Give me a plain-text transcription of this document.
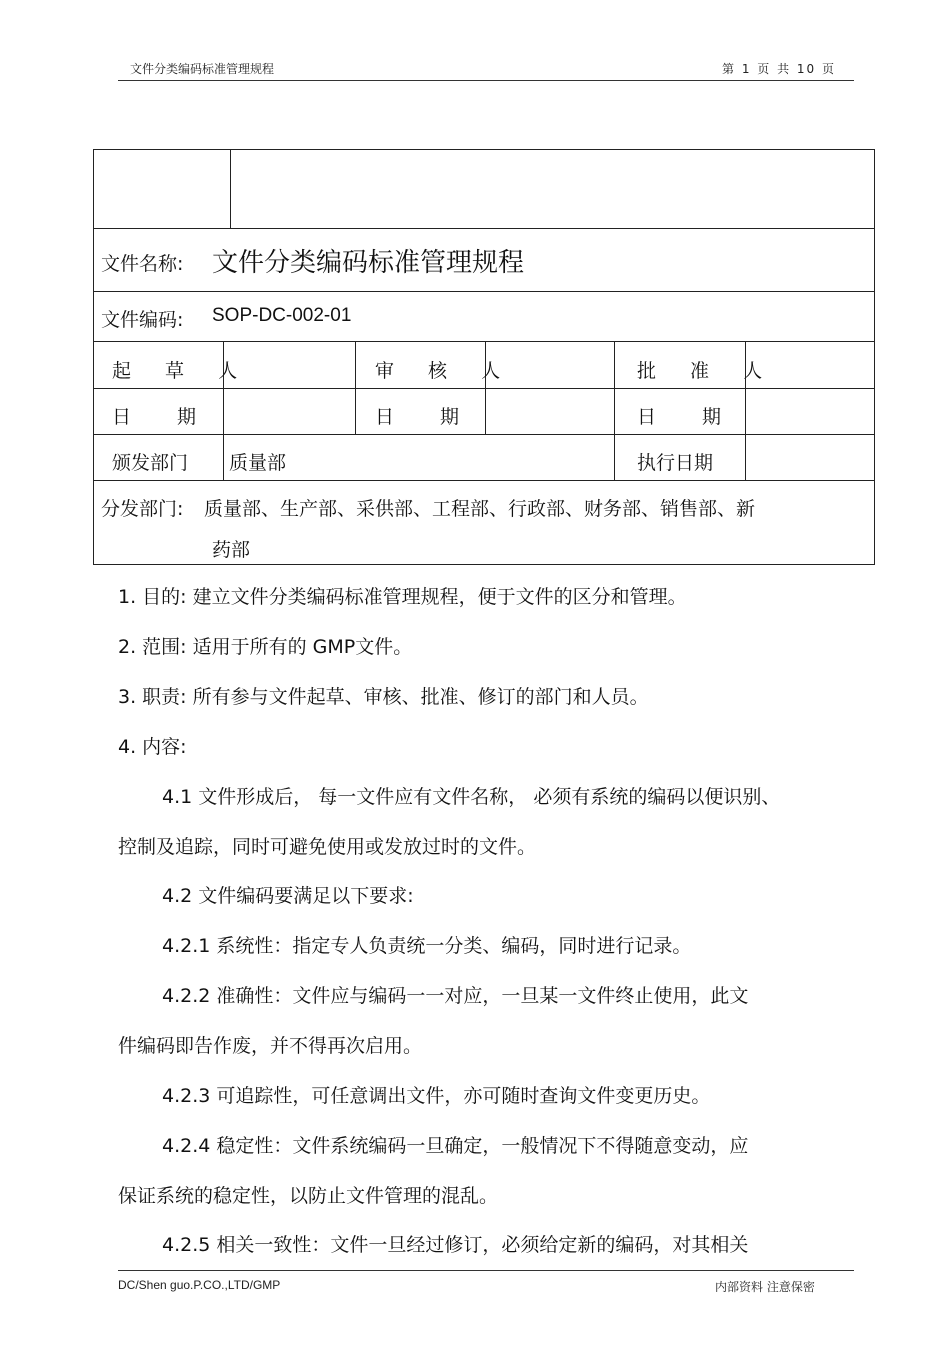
文件分类编码标准管理规程	第 1 页 共 10 页
文件名称: 文件分类编码标准管理规程
文件编码: SOP-DC-002-01
起 草 人	审 核 人	批 准 人
日 期	日 期	日 期
颁发部门 质量部	执行日期
分发部门: 质量部、生产部、采供部、工程部、行政部、财务部、销售部、新
药部
1. 目的: 建立文件分类编码标准管理规程，便于文件的区分和管理。
2. 范围: 适用于所有的 GMP文件。
3. 职责: 所有参与文件起草、审核、批准、修订的部门和人员。
4. 内容:
4.1 文件形成后， 每一文件应有文件名称， 必须有系统的编码以便识别、
控制及追踪，同时可避免使用或发放过时的文件。
4.2 文件编码要满足以下要求:
4.2.1 系统性：指定专人负责统一分类、编码，同时进行记录。
4.2.2 准确性：文件应与编码一一对应，一旦某一文件终止使用，此文
件编码即告作废，并不得再次启用。
4.2.3 可追踪性，可任意调出文件，亦可随时查询文件变更历史。
4.2.4 稳定性：文件系统编码一旦确定，一般情况下不得随意变动，应
保证系统的稳定性，以防止文件管理的混乱。
4.2.5 相关一致性：文件一旦经过修订，必须给定新的编码，对其相关
DC/Shen guo.P.CO.,LTD/GMP	内部资料 注意保密
